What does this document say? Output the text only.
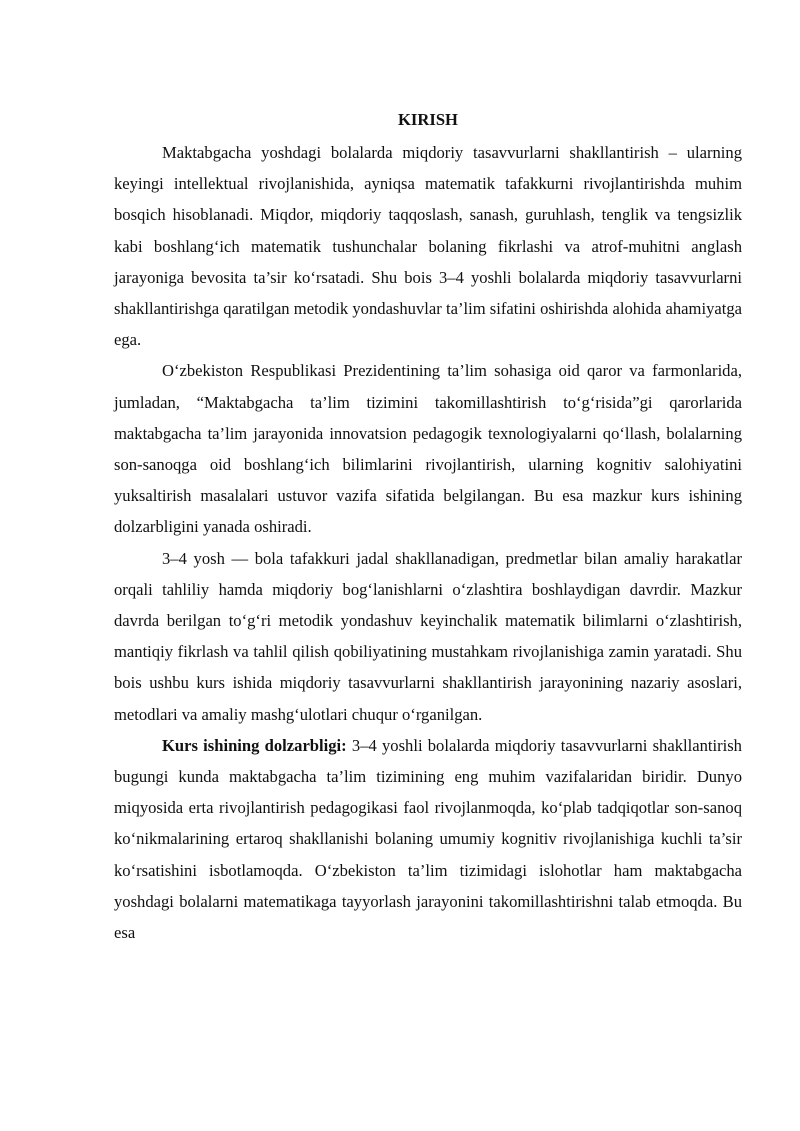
KIRISH

Maktabgacha yoshdagi bolalarda miqdoriy tasavvurlarni shakllantirish – ularning keyingi intellektual rivojlanishida, ayniqsa matematik tafakkurni rivojlantirishda muhim bosqich hisoblanadi. Miqdor, miqdoriy taqqoslash, sanash, guruhlash, tenglik va tengsizlik kabi boshlang‘ich matematik tushunchalar bolaning fikrlashi va atrof-muhitni anglash jarayoniga bevosita ta’sir ko‘rsatadi. Shu bois 3–4 yoshli bolalarda miqdoriy tasavvurlarni shakllantirishga qaratilgan metodik yondashuvlar ta’lim sifatini oshirishda alohida ahamiyatga ega.

O‘zbekiston Respublikasi Prezidentining ta’lim sohasiga oid qaror va farmonlarida, jumladan, “Maktabgacha ta’lim tizimini takomillashtirish to‘g‘risida”gi qarorlarida maktabgacha ta’lim jarayonida innovatsion pedagogik texnologiyalarni qo‘llash, bolalarning son-sanoqga oid boshlang‘ich bilimlarini rivojlantirish, ularning kognitiv salohiyatini yuksaltirish masalalari ustuvor vazifa sifatida belgilangan. Bu esa mazkur kurs ishining dolzarbligini yanada oshiradi.

3–4 yosh — bola tafakkuri jadal shakllanadigan, predmetlar bilan amaliy harakatlar orqali tahliliy hamda miqdoriy bog‘lanishlarni o‘zlashtira boshlaydigan davrdir. Mazkur davrda berilgan to‘g‘ri metodik yondashuv keyinchalik matematik bilimlarni o‘zlashtirish, mantiqiy fikrlash va tahlil qilish qobiliyatining mustahkam rivojlanishiga zamin yaratadi. Shu bois ushbu kurs ishida miqdoriy tasavvurlarni shakllantirish jarayonining nazariy asoslari, metodlari va amaliy mashg‘ulotlari chuqur o‘rganilgan.

Kurs ishining dolzarbligi: 3–4 yoshli bolalarda miqdoriy tasavvurlarni shakllantirish bugungi kunda maktabgacha ta’lim tizimining eng muhim vazifalaridan biridir. Dunyo miqyosida erta rivojlantirish pedagogikasi faol rivojlanmoqda, ko‘plab tadqiqotlar son-sanoq ko‘nikmalarining ertaroq shakllanishi bolaning umumiy kognitiv rivojlanishiga kuchli ta’sir ko‘rsatishini isbotlamoqda. O‘zbekiston ta’lim tizimidagi islohotlar ham maktabgacha yoshdagi bolalarni matematikaga tayyorlash jarayonini takomillashtirishni talab etmoqda. Bu esa
